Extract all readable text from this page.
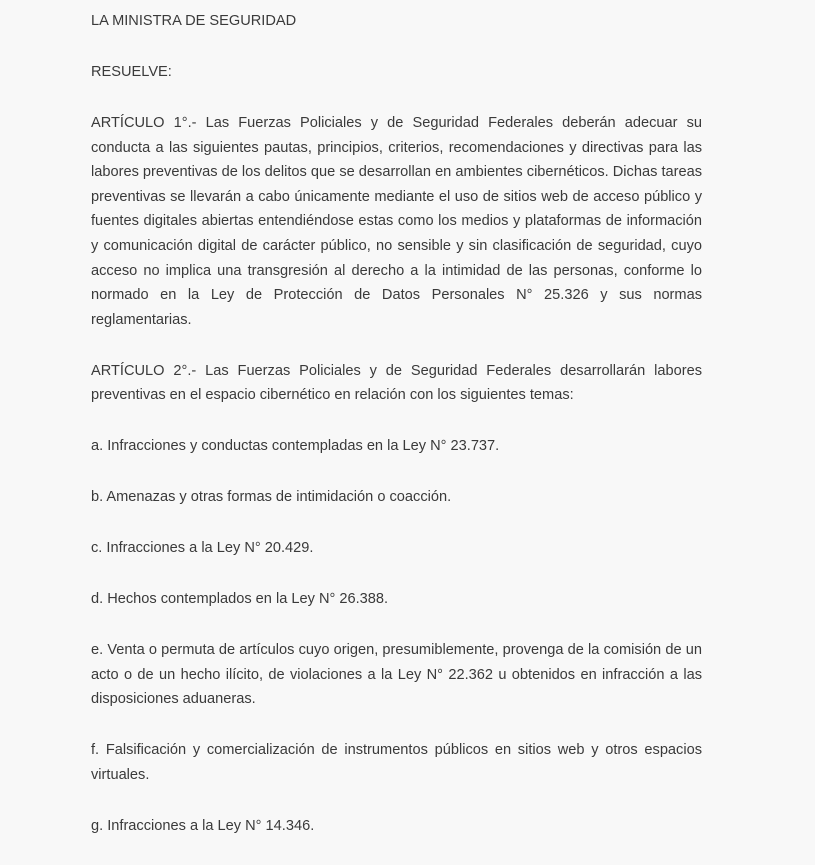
LA MINISTRA DE SEGURIDAD

RESUELVE:

ARTÍCULO 1°.- Las Fuerzas Policiales y de Seguridad Federales deberán adecuar su conducta a las siguientes pautas, principios, criterios, recomendaciones y directivas para las labores preventivas de los delitos que se desarrollan en ambientes cibernéticos. Dichas tareas preventivas se llevarán a cabo únicamente mediante el uso de sitios web de acceso público y fuentes digitales abiertas entendiéndose estas como los medios y plataformas de información y comunicación digital de carácter público, no sensible y sin clasificación de seguridad, cuyo acceso no implica una transgresión al derecho a la intimidad de las personas, conforme lo normado en la Ley de Protección de Datos Personales N° 25.326 y sus normas reglamentarias.

ARTÍCULO 2°.- Las Fuerzas Policiales y de Seguridad Federales desarrollarán labores preventivas en el espacio cibernético en relación con los siguientes temas:

a. Infracciones y conductas contempladas en la Ley N° 23.737.

b. Amenazas y otras formas de intimidación o coacción.

c. Infracciones a la Ley N° 20.429.

d. Hechos contemplados en la Ley N° 26.388.

e. Venta o permuta de artículos cuyo origen, presumiblemente, provenga de la comisión de un acto o de un hecho ilícito, de violaciones a la Ley N° 22.362 u obtenidos en infracción a las disposiciones aduaneras.

f. Falsificación y comercialización de instrumentos públicos en sitios web y otros espacios virtuales.

g. Infracciones a la Ley N° 14.346.
